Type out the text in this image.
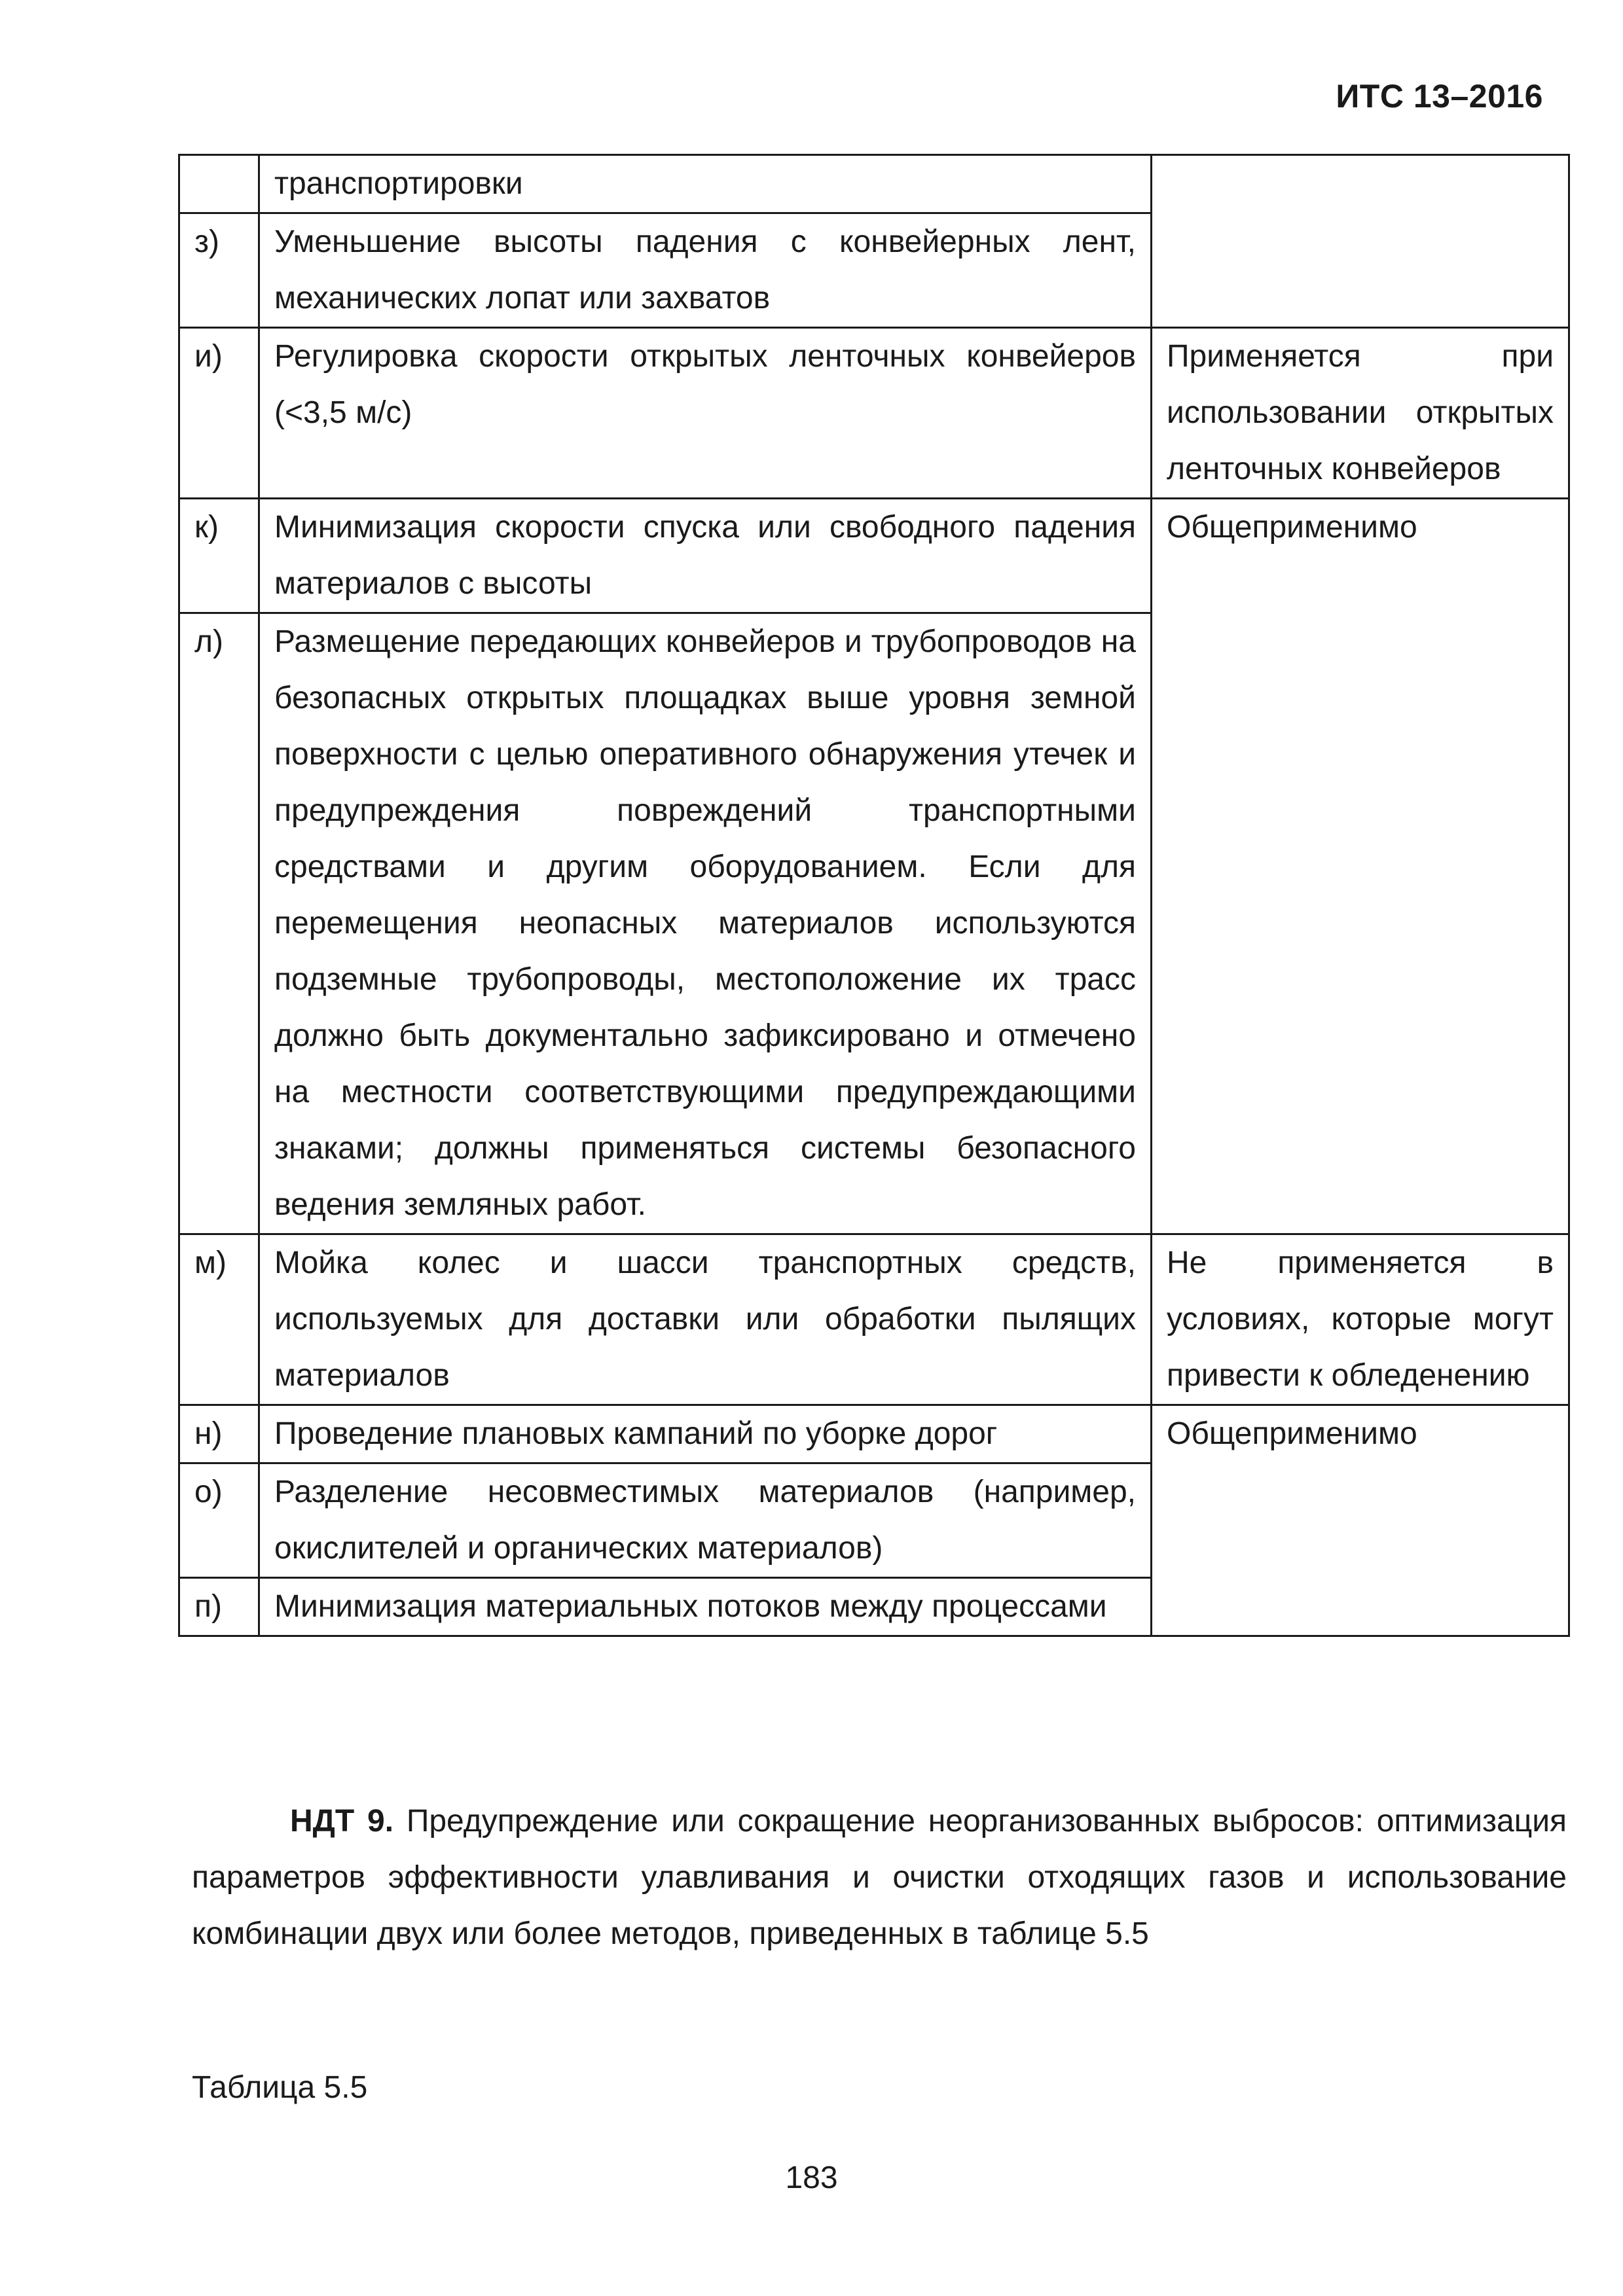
ИТС 13–2016
	транспортировки	
з)	Уменьшение высоты падения с конвейерных лент, механических лопат или захватов	
и)	Регулировка скорости открытых ленточных конвейеров (<3,5 м/с)	Применяется при использовании открытых ленточных конвейеров
к)	Минимизация скорости спуска или свободного падения материалов с высоты	Общеприменимо
л)	Размещение передающих конвейеров и трубопроводов на безопасных открытых площадках выше уровня земной поверхности с целью оперативного обнаружения утечек и предупреждения повреждений транспортными средствами и другим оборудованием. Если для перемещения неопасных материалов используются подземные трубопроводы, местоположение их трасс должно быть документально зафиксировано и отмечено на местности соответствующими предупреждающими знаками; должны применяться системы безопасного ведения земляных работ.	
м)	Мойка колес и шасси транспортных средств, используемых для доставки или обработки пылящих материалов	Не применяется в условиях, которые могут привести к обледенению
н)	Проведение плановых кампаний по уборке дорог	Общеприменимо
о)	Разделение несовместимых материалов (например, окислителей и органических материалов)	
п)	Минимизация материальных потоков между процессами	

НДТ 9. Предупреждение или сокращение неорганизованных выбросов: оптимизация параметров эффективности улавливания и очистки отходящих газов и использование комбинации двух или более методов, приведенных в таблице 5.5

Таблица 5.5
183
